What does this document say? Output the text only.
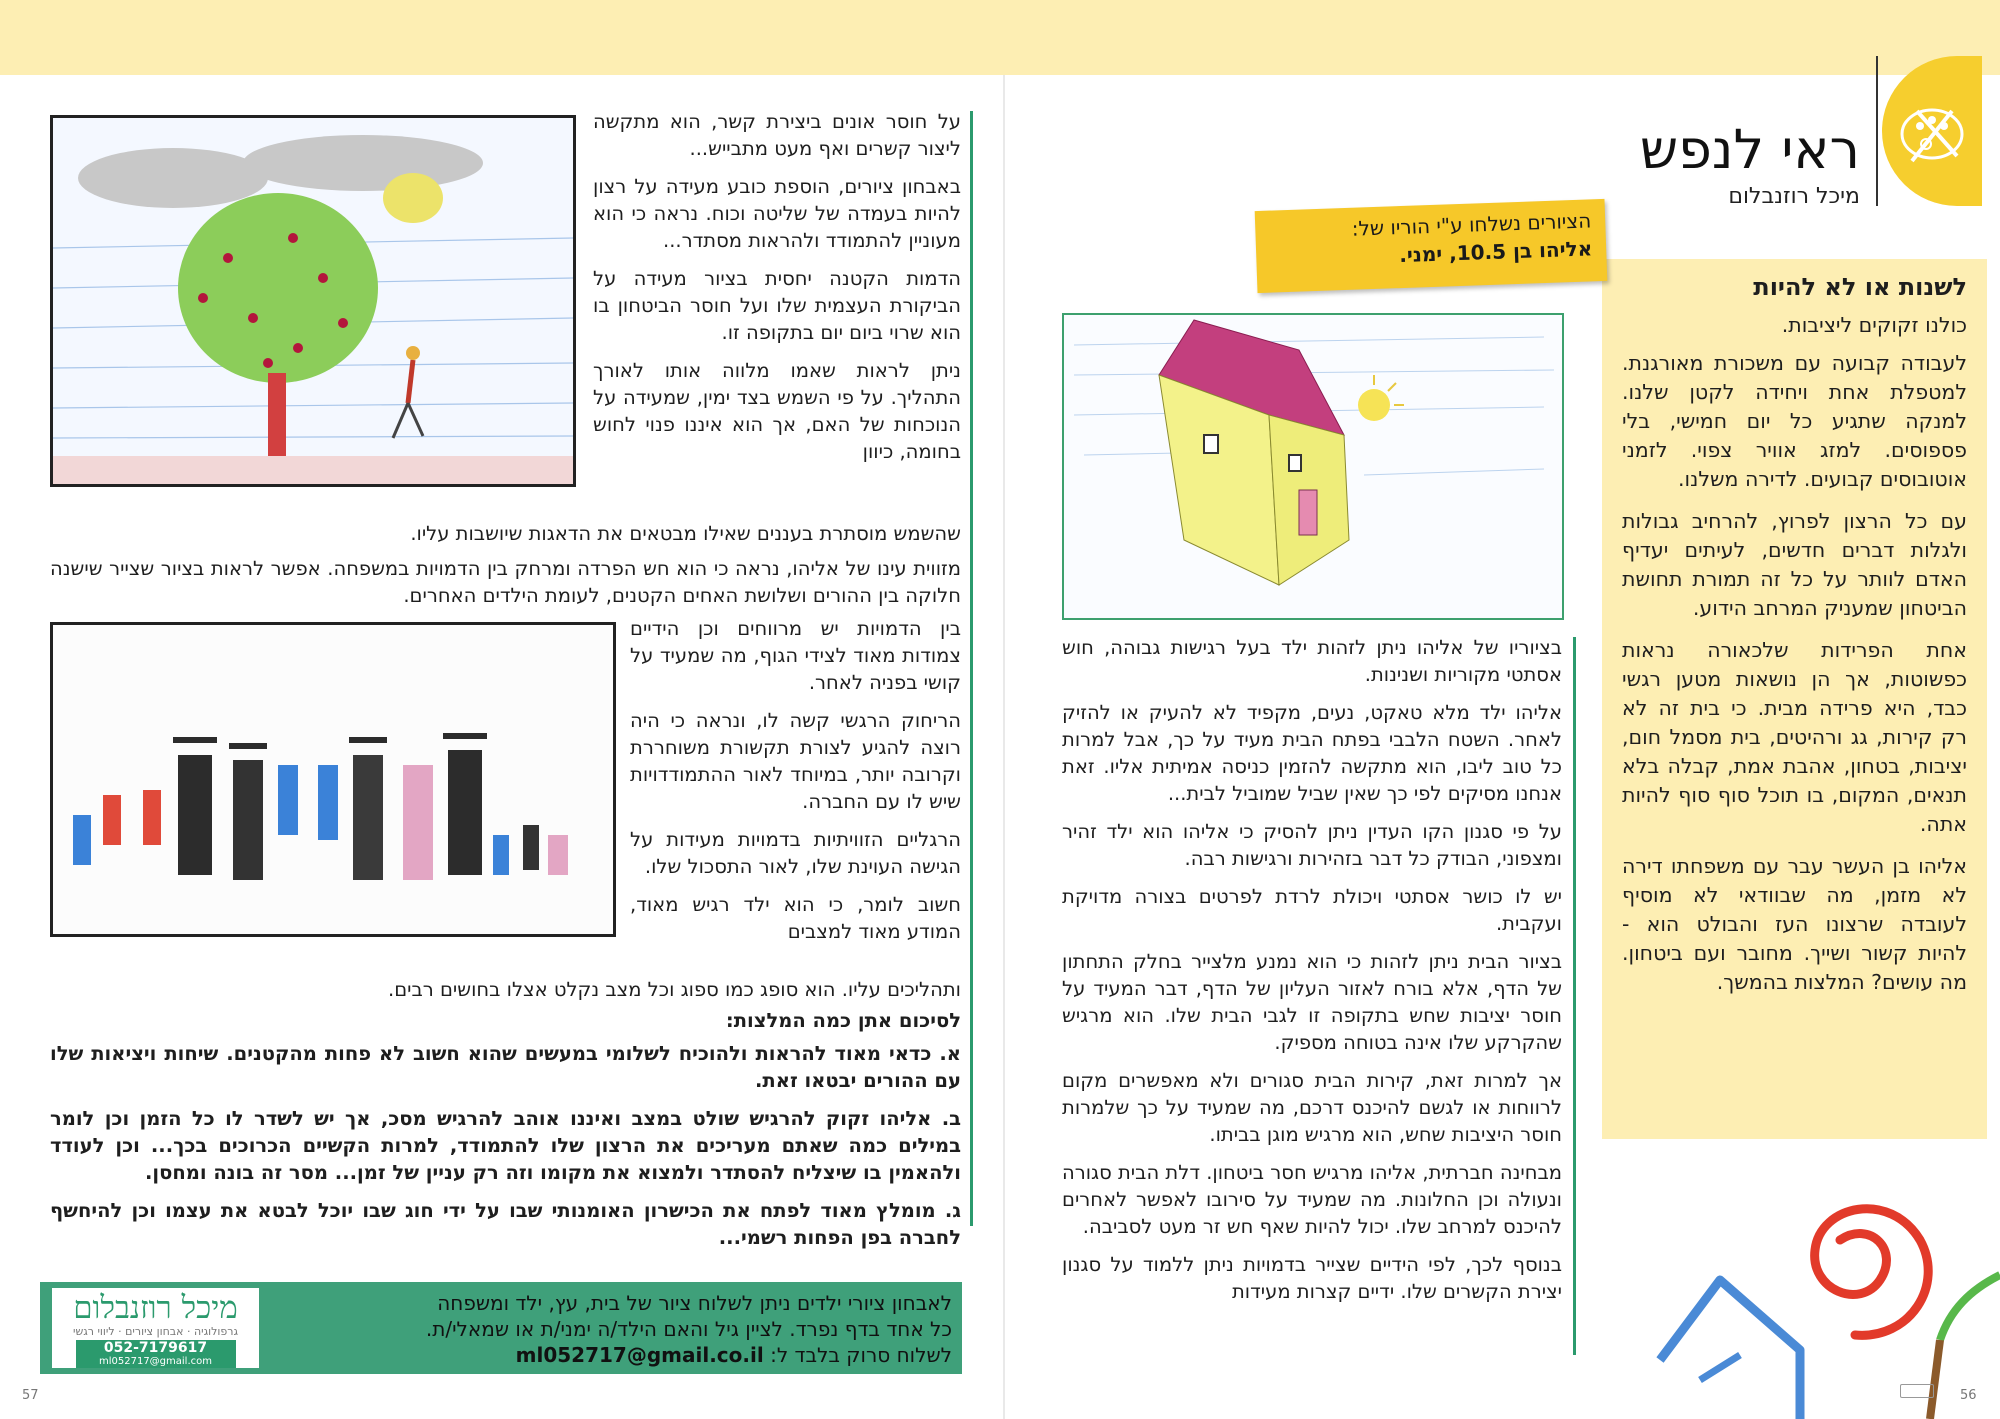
ראי לנפש
מיכל רוזנבלום
לשנות או לא להיות
כולנו זקוקים ליציבות.

לעבודה קבועה עם משכורת מאורגנת. למטפלת אחת ויחידה לקטן שלנו. למנקה שתגיע כל יום חמישי, בלי פספוסים. למזג אוויר צפוי. לזמני אוטובוסים קבועים. לדירה משלנו.

עם כל הרצון לפרוץ, להרחיב גבולות ולגלות דברים חדשים, לעיתים יעדיף האדם לוותר על כל זה תמורת תחושת הביטחון שמעניק המרחב הידוע.

אחת הפרידות שלכאורה נראות כפשוטות, אך הן נושאות מטען רגשי כבד, היא פרידה מבית. כי בית זה לא רק קירות, גג ורהיטים, בית מסמל חום, יציבות, בטחון, אהבת אמת, קבלה בלא תנאים, המקום, בו תוכל סוף סוף להיות אתה.

אליהו בן העשר עבר עם משפחתו דירה לא מזמן, מה שבוודאי לא מוסיף לעובדה שרצונו העז והבולט הוא - להיות קשור ושייך. מחובר ועם ביטחון. מה עושים? המלצות בהמשך.

הציורים נשלחו ע"י הוריו של:
אליהו בן 10.5, ימני.

בציוריו של אליהו ניתן לזהות ילד בעל רגישות גבוהה, חוש אסתטי מקוריות ושנינות.

אליהו ילד מלא טאקט, נעים, מקפיד לא להעיק או להזיק לאחר. השטח הלבבי בפתח הבית מעיד על כך, אבל למרות כל טוב ליבו, הוא מתקשה להזמין כניסה אמיתית אליו. זאת אנחנו מסיקים לפי כך שאין שביל שמוביל לבית...

על פי סגנון הקו העדין ניתן להסיק כי אליהו הוא ילד זהיר ומצפוני, הבודק כל דבר בזהירות ורגישות רבה.

יש לו כושר אסתטי ויכולת לרדת לפרטים בצורה מדויקת ועקבית.

בציור הבית ניתן לזהות כי הוא נמנע מלצייר בחלק התחתון של הדף, אלא בורח לאזור העליון של הדף, דבר המעיד על חוסר יציבות שחש בתקופה זו לגבי הבית שלו. הוא מרגיש שהקרקע שלו אינה בטוחה מספיק.

אך למרות זאת, קירות הבית סגורים ולא מאפשרים מקום לרווחות או לגשם להיכנס דרכם, מה שמעיד על כך שלמרות חוסר היציבות שחש, הוא מרגיש מוגן בביתו.

מבחינה חברתית, אליהו מרגיש חסר ביטחון. דלת הבית סגורה ונעולה וכן החלונות. מה שמעיד על סירובו לאפשר לאחרים להיכנס למרחב שלו. יכול להיות שאף חש זר מעט לסביבה.

בנוסף לכך, לפי הידיים שצייר בדמויות ניתן ללמוד על סגנון יצירת הקשרים שלו. ידיים קצרות מעידות

56

על חוסר אונים ביצירת קשר, הוא מתקשה ליצור קשרים ואף מעט מתבייש...

באבחון ציורים, הוספת כובע מעידה על רצון להיות בעמדה של שליטה וכוח. נראה כי הוא מעוניין להתמודד ולהראות מסתדר...

הדמות הקטנה יחסית בציור מעידה על הביקורת העצמית שלו ועל חוסר הביטחון בו הוא שרוי ביום יום בתקופה זו.

ניתן לראות שאמו מלווה אותו לאורך התהליך. על פי השמש בצד ימין, שמעידה על הנוכחות של האם, אך הוא איננו פנוי לחוש בחומה, כיוון

שהשמש מוסתרת בעננים שאילו מבטאים את הדאגות שיושבות עליו.
מזווית עינו של אליהו, נראה כי הוא חש הפרדה ומרחק בין הדמויות במשפחה. אפשר לראות בציור שצייר שישנה חלוקה בין ההורים ושלושת האחים הקטנים, לעומת הילדים האחרים.

בין הדמויות יש מרווחים וכן הידיים צמודות מאוד לצידי הגוף, מה שמעיד על קושי בפניה לאחר.

הריחוק הרגשי קשה לו, ונראה כי היה רוצה להגיע לצורת תקשורת משוחררת וקרובה יותר, במיוחד לאור ההתמודדויות שיש לו עם החברה.

הרגליים הזוויתיות בדמויות מעידות על הגישה העוינת שלו, לאור התסכול שלו.

חשוב לומר, כי הוא ילד רגיש מאוד, המודע מאוד למצבים

ותהליכים עליו. הוא סופג כמו ספוג וכל מצב נקלט אצלו בחושים רבים.
לסיכום אתן כמה המלצות:

א. כדאי מאוד להראות ולהוכיח לשלומי במעשים שהוא חשוב לא פחות מהקטנים. שיחות ויציאות שלו עם ההורים יבטאו זאת.

ב. אליהו זקוק להרגיש שולט במצב ואיננו אוהב להרגיש מסכ, אך יש לשדר לו כל הזמן וכן לומר במילים כמה שאתם מעריכים את הרצון שלו להתמודד, למרות הקשיים הכרוכים בכך... וכן לעודד ולהאמין בו שיצליח להסתדר ולמצוא את מקומו וזה רק עניין של זמן... מסר זה בונה ומחסן.

ג. מומלץ מאוד לפתח את הכישרון האומנותי שבו על ידי חוג שבו יוכל לבטא את עצמו וכן להיחשף לחברה בפן הפחות רשמי...

מיכל רוזנבלום
גרפולוגיה · אבחון ציורים · ליווי רגשי
052-7179617
ml052717@gmail.com
לאבחון ציורי ילדים ניתן לשלוח ציור של בית, עץ, ילד ומשפחה
כל אחד בדף נפרד. לציין גיל והאם הילד/ה ימני/ת או שמאלי/ת.
לשלוח סרוק בלבד ל: ml052717@gmail.co.il
57
